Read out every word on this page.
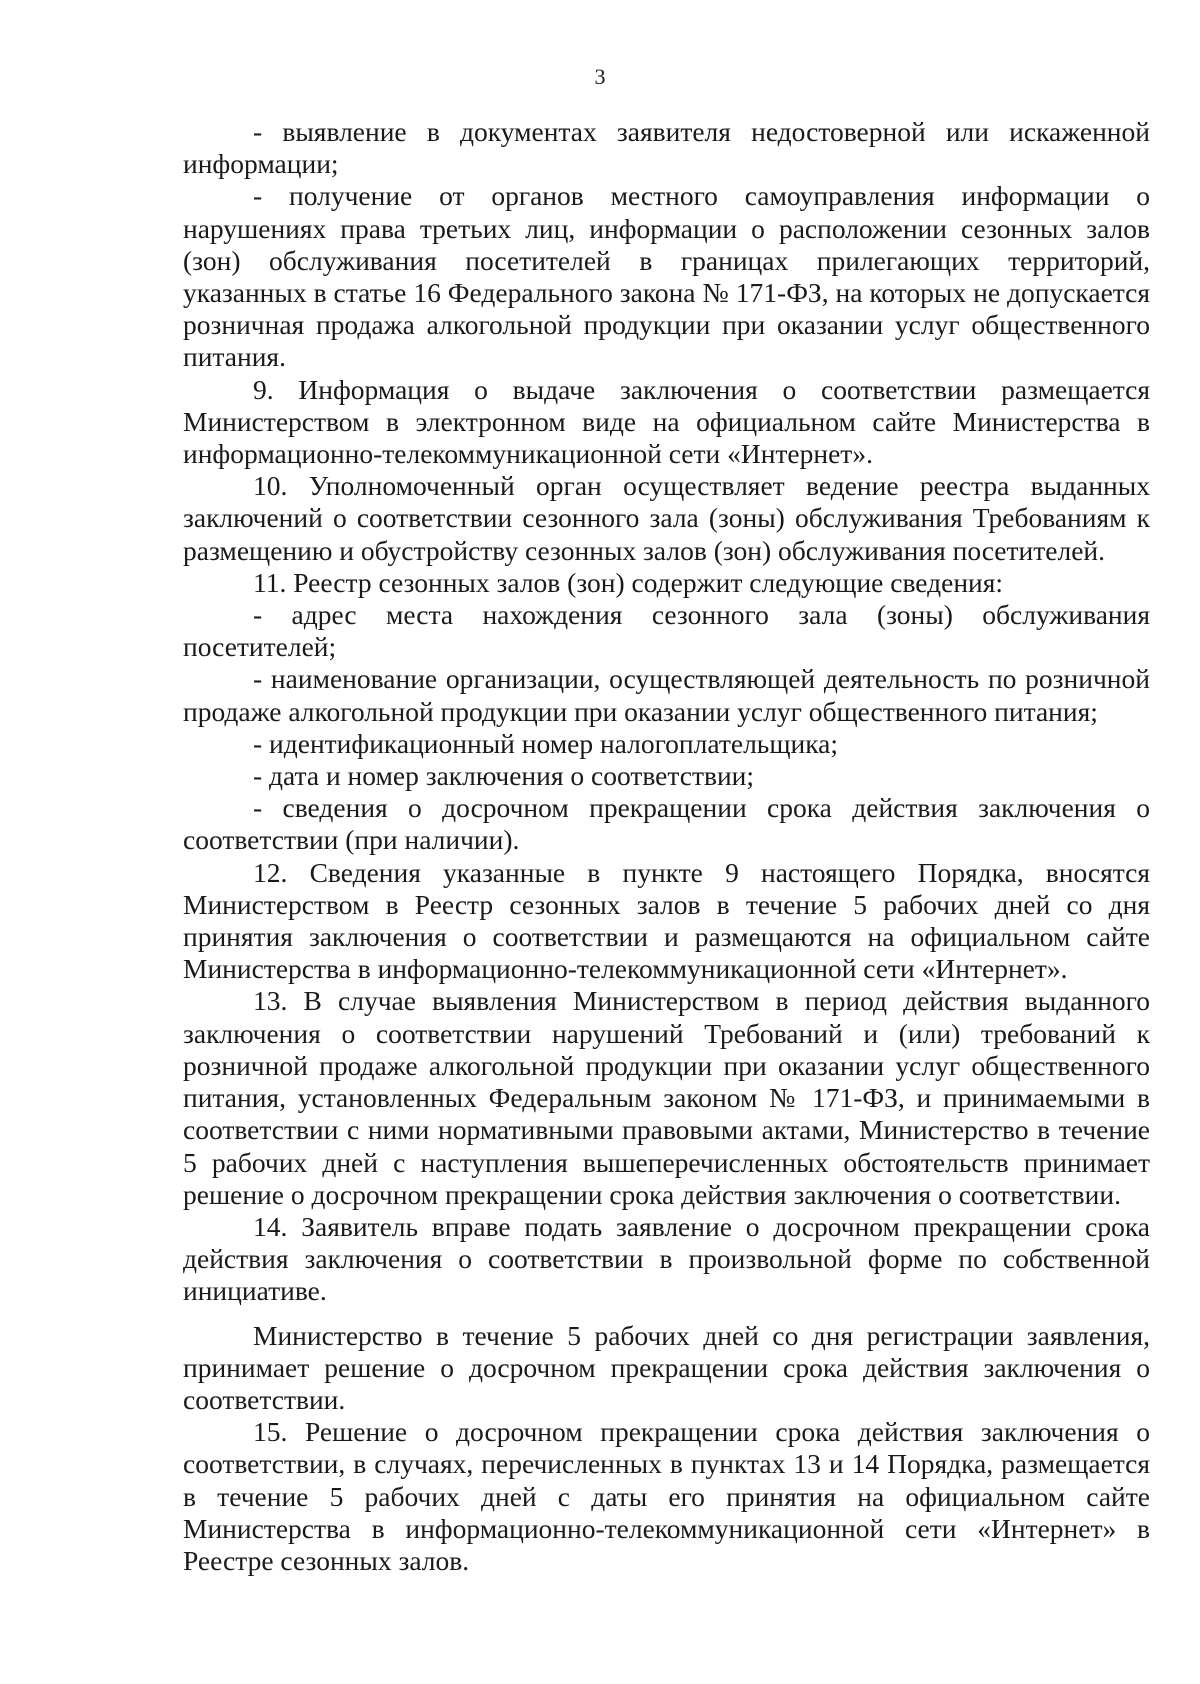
3

- выявление в документах заявителя недостоверной или искаженной информации;

- получение от органов местного самоуправления информации о нарушениях права третьих лиц, информации о расположении сезонных залов (зон) обслуживания посетителей в границах прилегающих территорий, указанных в статье 16 Федерального закона № 171-ФЗ, на которых не допускается розничная продажа алкогольной продукции при оказании услуг общественного питания.

9. Информация о выдаче заключения о соответствии размещается Министерством в электронном виде на официальном сайте Министерства в информационно-телекоммуникационной сети «Интернет».

10. Уполномоченный орган осуществляет ведение реестра выданных заключений о соответствии сезонного зала (зоны) обслуживания Требованиям к размещению и обустройству сезонных залов (зон) обслуживания посетителей.

11. Реестр сезонных залов (зон) содержит следующие сведения:

- адрес места нахождения сезонного зала (зоны) обслуживания посетителей;

- наименование организации, осуществляющей деятельность по розничной продаже алкогольной продукции при оказании услуг общественного питания;

- идентификационный номер налогоплательщика;

- дата и номер заключения о соответствии;

- сведения о досрочном прекращении срока действия заключения о соответствии (при наличии).

12. Сведения указанные в пункте 9 настоящего Порядка, вносятся Министерством в Реестр сезонных залов в течение 5 рабочих дней со дня принятия заключения о соответствии и размещаются на официальном сайте Министерства в информационно-телекоммуникационной сети «Интернет».

13. В случае выявления Министерством в период действия выданного заключения о соответствии нарушений Требований и (или) требований к розничной продаже алкогольной продукции при оказании услуг общественного питания, установленных Федеральным законом № 171-ФЗ, и принимаемыми в соответствии с ними нормативными правовыми актами, Министерство в течение 5 рабочих дней с наступления вышеперечисленных обстоятельств принимает решение о досрочном прекращении срока действия заключения о соответствии.

14. Заявитель вправе подать заявление о досрочном прекращении срока действия заключения о соответствии в произвольной форме по собственной инициативе.

Министерство в течение 5 рабочих дней со дня регистрации заявления, принимает решение о досрочном прекращении срока действия заключения о соответствии.

15. Решение о досрочном прекращении срока действия заключения о соответствии, в случаях, перечисленных в пунктах 13 и 14 Порядка, размещается в течение 5 рабочих дней с даты его принятия на официальном сайте Министерства в информационно-телекоммуникационной сети «Интернет» в Реестре сезонных залов.
